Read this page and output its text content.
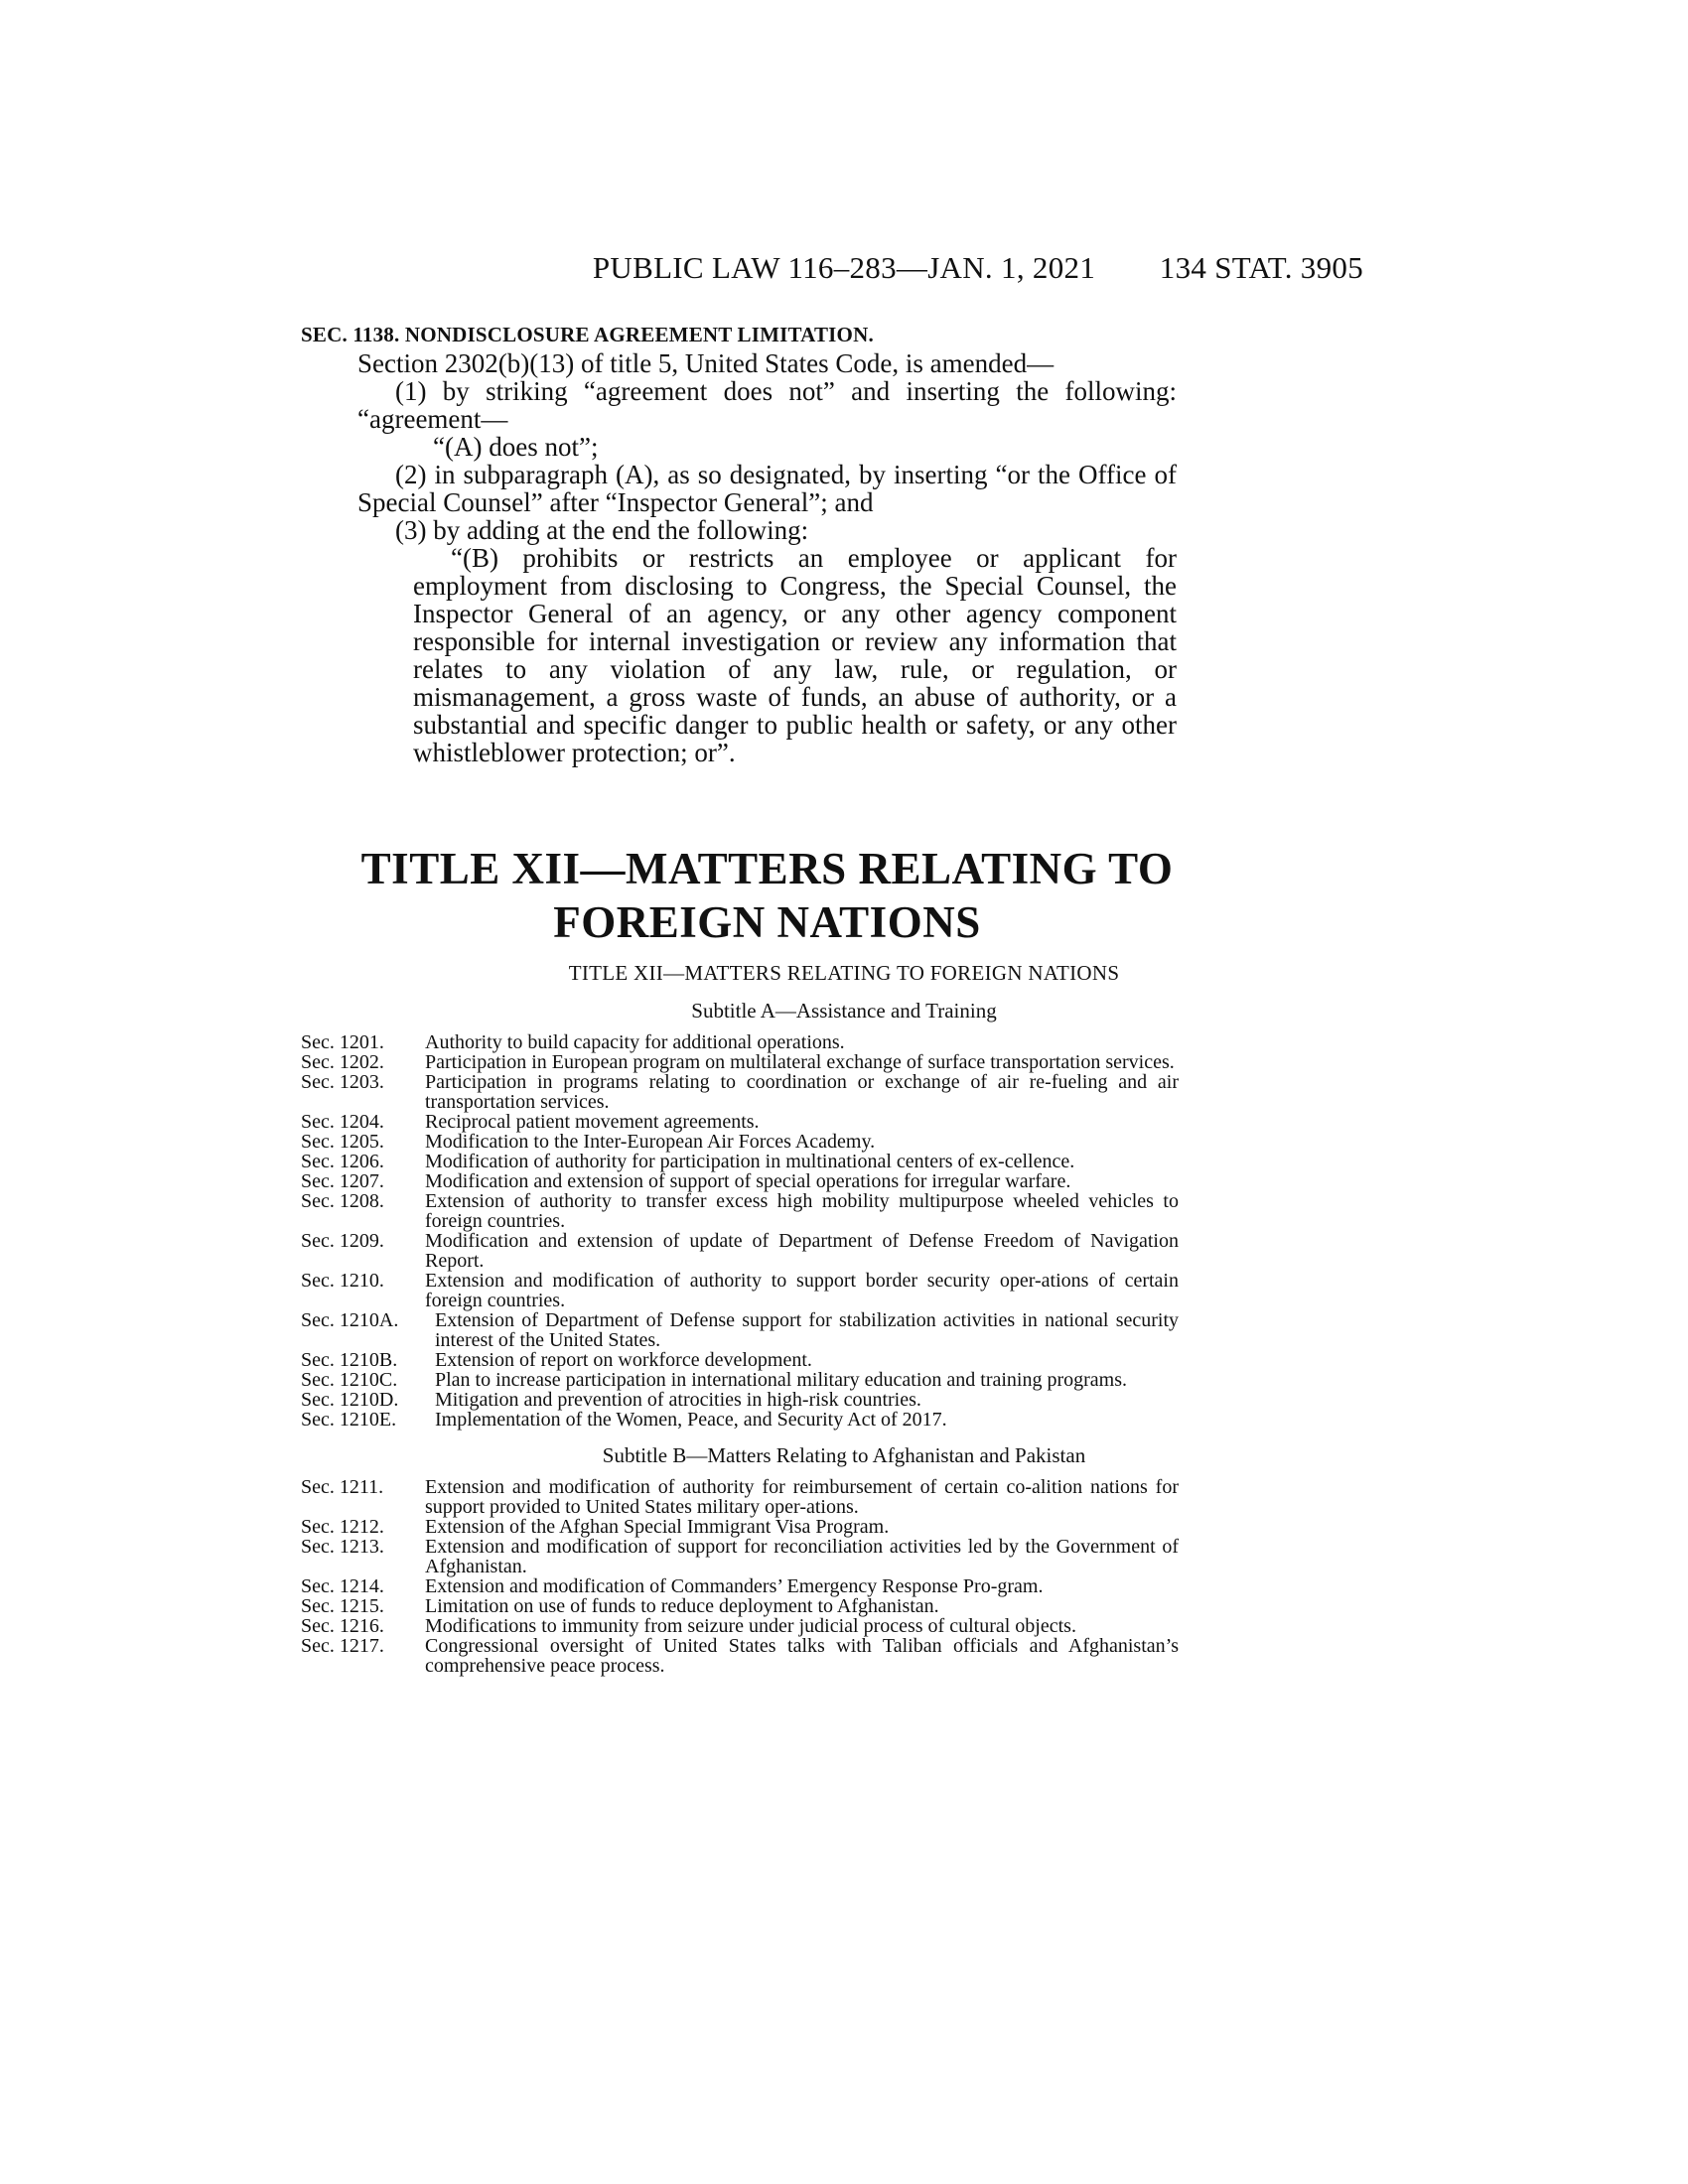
PUBLIC LAW 116–283—JAN. 1, 2021	134 STAT. 3905
SEC. 1138. NONDISCLOSURE AGREEMENT LIMITATION.

Section 2302(b)(13) of title 5, United States Code, is amended—

(1) by striking “agreement does not” and inserting the following: “agreement—

“(A) does not”;

(2) in subparagraph (A), as so designated, by inserting “or the Office of Special Counsel” after “Inspector General”; and

(3) by adding at the end the following:

“(B) prohibits or restricts an employee or applicant for employment from disclosing to Congress, the Special Counsel, the Inspector General of an agency, or any other agency component responsible for internal investigation or review any information that relates to any violation of any law, rule, or regulation, or mismanagement, a gross waste of funds, an abuse of authority, or a substantial and specific danger to public health or safety, or any other whistleblower protection; or”.

TITLE XII—MATTERS RELATING TO
FOREIGN NATIONS
TITLE XII—MATTERS RELATING TO FOREIGN NATIONS
Subtitle A—Assistance and Training
Sec. 1201.	Authority to build capacity for additional operations.
Sec. 1202.	Participation in European program on multilateral exchange of surface transportation services.
Sec. 1203.	Participation in programs relating to coordination or exchange of air re-fueling and air transportation services.
Sec. 1204.	Reciprocal patient movement agreements.
Sec. 1205.	Modification to the Inter-European Air Forces Academy.
Sec. 1206.	Modification of authority for participation in multinational centers of ex-cellence.
Sec. 1207.	Modification and extension of support of special operations for irregular warfare.
Sec. 1208.	Extension of authority to transfer excess high mobility multipurpose wheeled vehicles to foreign countries.
Sec. 1209.	Modification and extension of update of Department of Defense Freedom of Navigation Report.
Sec. 1210.	Extension and modification of authority to support border security oper-ations of certain foreign countries.
Sec. 1210A.	Extension of Department of Defense support for stabilization activities in national security interest of the United States.
Sec. 1210B.	Extension of report on workforce development.
Sec. 1210C.	Plan to increase participation in international military education and training programs.
Sec. 1210D.	Mitigation and prevention of atrocities in high-risk countries.
Sec. 1210E.	Implementation of the Women, Peace, and Security Act of 2017.
Subtitle B—Matters Relating to Afghanistan and Pakistan
Sec. 1211.	Extension and modification of authority for reimbursement of certain co-alition nations for support provided to United States military oper-ations.
Sec. 1212.	Extension of the Afghan Special Immigrant Visa Program.
Sec. 1213.	Extension and modification of support for reconciliation activities led by the Government of Afghanistan.
Sec. 1214.	Extension and modification of Commanders’ Emergency Response Pro-gram.
Sec. 1215.	Limitation on use of funds to reduce deployment to Afghanistan.
Sec. 1216.	Modifications to immunity from seizure under judicial process of cultural objects.
Sec. 1217.	Congressional oversight of United States talks with Taliban officials and Afghanistan’s comprehensive peace process.
